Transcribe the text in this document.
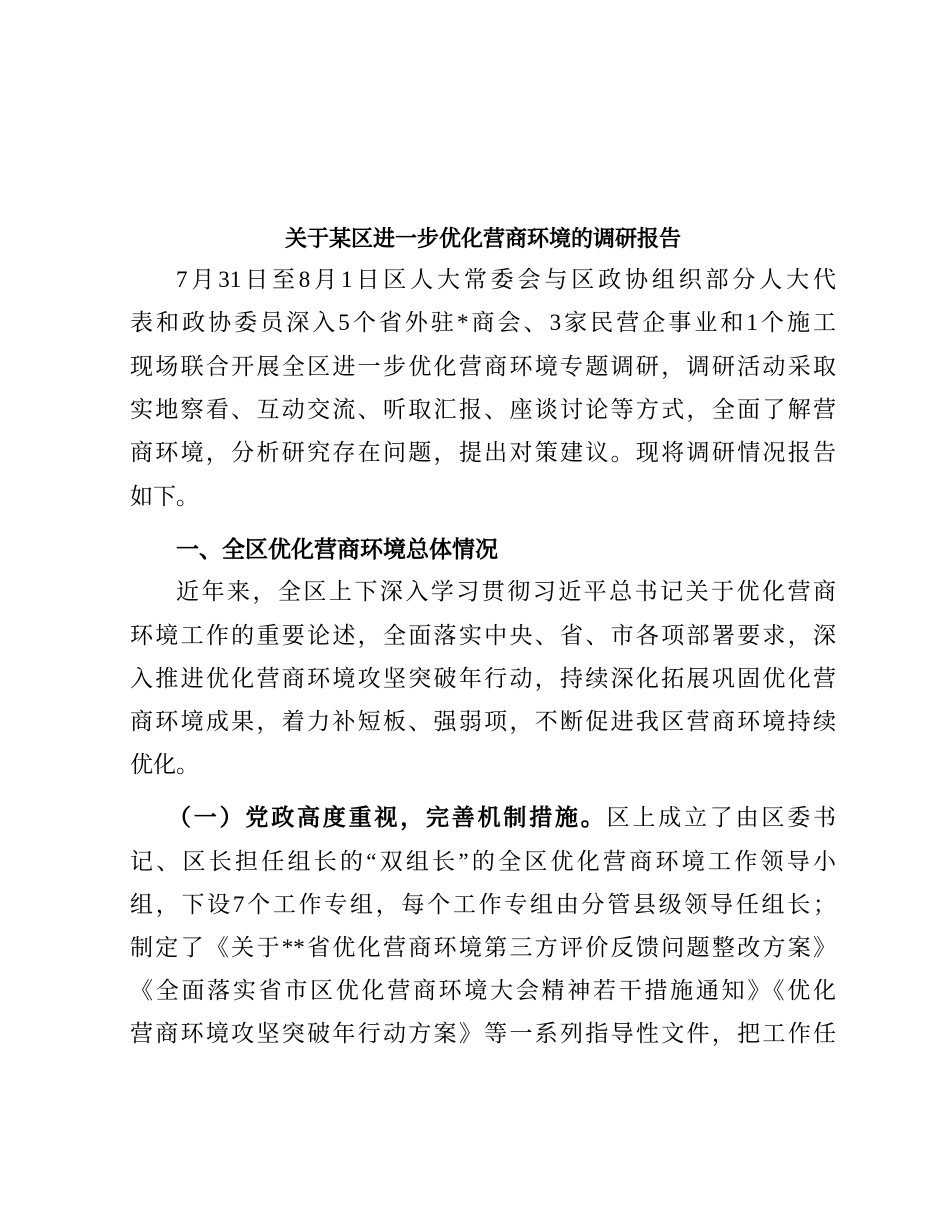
关于某区进一步优化营商环境的调研报告
7月31日至8月1日区人大常委会与区政协组织部分人大代
表和政协委员深入5个省外驻*商会、3家民营企事业和1个施工
现场联合开展全区进一步优化营商环境专题调研，调研活动采取
实地察看、互动交流、听取汇报、座谈讨论等方式，全面了解营
商环境，分析研究存在问题，提出对策建议。现将调研情况报告
如下。
一、全区优化营商环境总体情况
近年来，全区上下深入学习贯彻习近平总书记关于优化营商
环境工作的重要论述，全面落实中央、省、市各项部署要求，深
入推进优化营商环境攻坚突破年行动，持续深化拓展巩固优化营
商环境成果，着力补短板、强弱项，不断促进我区营商环境持续
优化。
（一）党政高度重视，完善机制措施。区上成立了由区委书
记、区长担任组长的“双组长”的全区优化营商环境工作领导小
组，下设7个工作专组，每个工作专组由分管县级领导任组长；
制定了《关于**省优化营商环境第三方评价反馈问题整改方案》
《全面落实省市区优化营商环境大会精神若干措施通知》《优化
营商环境攻坚突破年行动方案》等一系列指导性文件，把工作任
